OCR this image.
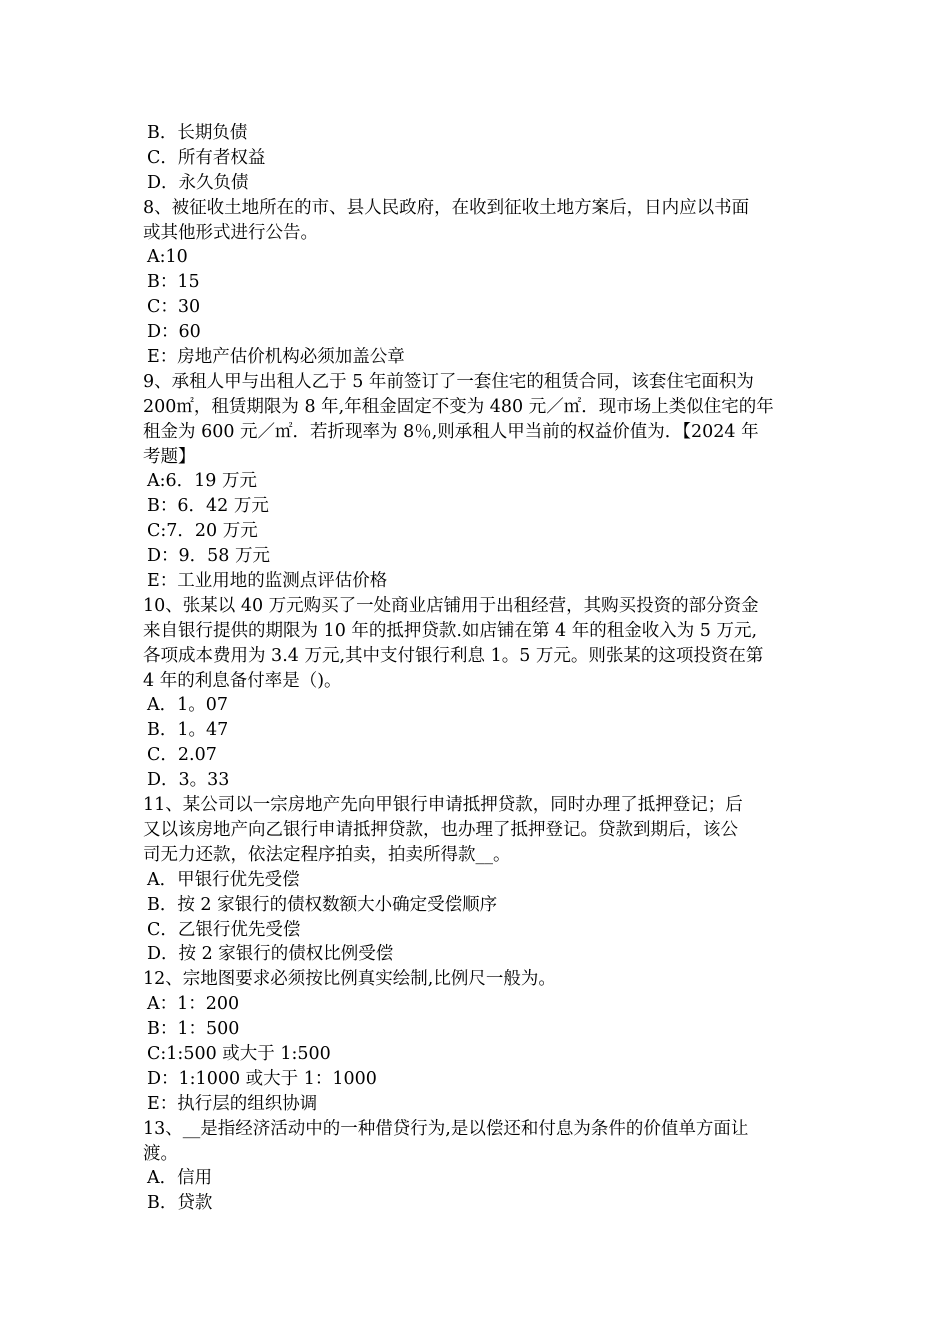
B．长期负债
C．所有者权益
D．永久负债
8、被征收土地所在的市、县人民政府，在收到征收土地方案后，日内应以书面
或其他形式进行公告。
A:10
B：15
C：30
D：60
E：房地产估价机构必须加盖公章
9、承租人甲与出租人乙于 5 年前签订了一套住宅的租赁合同，该套住宅面积为
200㎡，租赁期限为 8 年,年租金固定不变为 480 元／㎡．现市场上类似住宅的年
租金为 600 元／㎡．若折现率为 8％,则承租人甲当前的权益价值为．【2024 年
考题】
A:6．19 万元
B：6．42 万元
C:7．20 万元
D：9．58 万元
E：工业用地的监测点评估价格
10、张某以 40 万元购买了一处商业店铺用于出租经营，其购买投资的部分资金
来自银行提供的期限为 10 年的抵押贷款.如店铺在第 4 年的租金收入为 5 万元,
各项成本费用为 3.4 万元,其中支付银行利息 1。5 万元。则张某的这项投资在第
4 年的利息备付率是（)。
A．1。07
B．1。47
C．2.07
D．3。33
11、某公司以一宗房地产先向甲银行申请抵押贷款，同时办理了抵押登记；后
又以该房地产向乙银行申请抵押贷款，也办理了抵押登记。贷款到期后，该公
司无力还款，依法定程序拍卖，拍卖所得款__。
A．甲银行优先受偿
B．按 2 家银行的债权数额大小确定受偿顺序
C．乙银行优先受偿
D．按 2 家银行的债权比例受偿
12、宗地图要求必须按比例真实绘制,比例尺一般为。
A：1：200
B：1：500
C:1:500 或大于 1:500
D：1:1000 或大于 1：1000
E：执行层的组织协调
13、__是指经济活动中的一种借贷行为,是以偿还和付息为条件的价值单方面让
渡。
A．信用
B．贷款
